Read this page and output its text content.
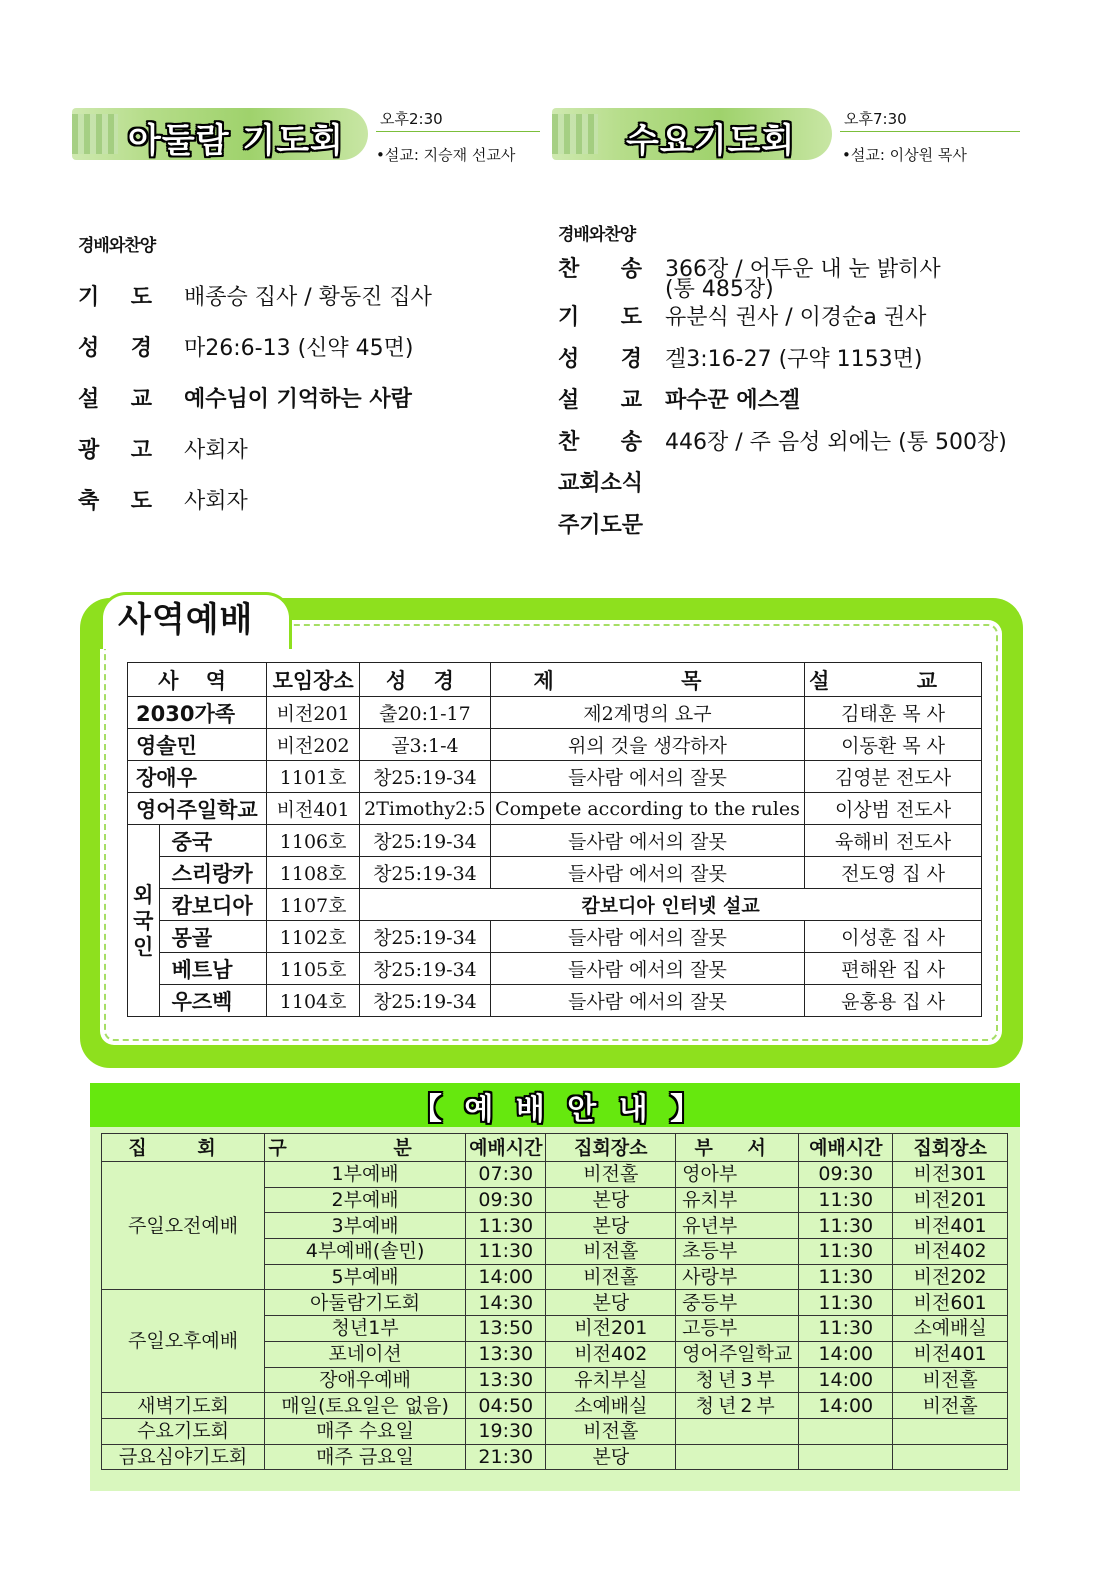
아둘람 기도회
오후2:30
•설교: 지승재 선교사	수요기도회
오후7:30
•설교: 이상원 목사
경배와찬양
기 도 배종승 집사 / 황동진 집사
성 경 마26:6-13 (신약 45면)
설 교 예수님이 기억하는 사람
광 고 사회자
축 도 사회자
경배와찬양
찬 송 366장 / 어두운 내 눈 밝히사
(통 485장)
기 도 유분식 권사 / 이경순a 권사
성 경 겔3:16-27 (구약 1153면)
설 교 파수꾼 에스겔
찬 송 446장 / 주 음성 외에는 (통 500장)
교회소식
주기도문
사역예배
사 역		모임장소	성 경	제 목	설 교
2030가족		비전201	출20:1-17	제2계명의 요구	김태훈 목 사
영솔민		비전202	골3:1-4	위의 것을 생각하자	이동환 목 사
장애우		1101호	창25:19-34	들사람 에서의 잘못	김영분 전도사
영어주일학교		비전401	2Timothy2:5	Compete according to the rules	이상범 전도사
외국인	중국	1106호	창25:19-34	들사람 에서의 잘못	육해비 전도사
	스리랑카	1108호	창25:19-34	들사람 에서의 잘못	전도영 집 사
	캄보디아	1107호	캄보디아 인터넷 설교		
	몽골	1102호	창25:19-34	들사람 에서의 잘못	이성훈 집 사
	베트남	1105호	창25:19-34	들사람 에서의 잘못	편해완 집 사
	우즈벡	1104호	창25:19-34	들사람 에서의 잘못	윤홍용 집 사
【 예 배 안 내 】
집 회	구 분	예배시간	집회장소	부 서	예배시간	집회장소
주일오전예배	1부예배	07:30	비전홀	영아부	09:30	비전301
	2부예배	09:30	본당	유치부	11:30	비전201
	3부예배	11:30	본당	유년부	11:30	비전401
	4부예배(솔민)	11:30	비전홀	초등부	11:30	비전402
	5부예배	14:00	비전홀	사랑부	11:30	비전202
주일오후예배	아둘람기도회	14:30	본당	중등부	11:30	비전601
	청년1부	13:50	비전201	고등부	11:30	소예배실
	포네이션	13:30	비전402	영어주일학교	14:00	비전401
	장애우예배	13:30	유치부실	청년3부	14:00	비전홀
새벽기도회	매일(토요일은 없음)	04:50	소예배실	청년2부	14:00	비전홀
수요기도회	매주 수요일	19:30	비전홀			
금요심야기도회	매주 금요일	21:30	본당			
